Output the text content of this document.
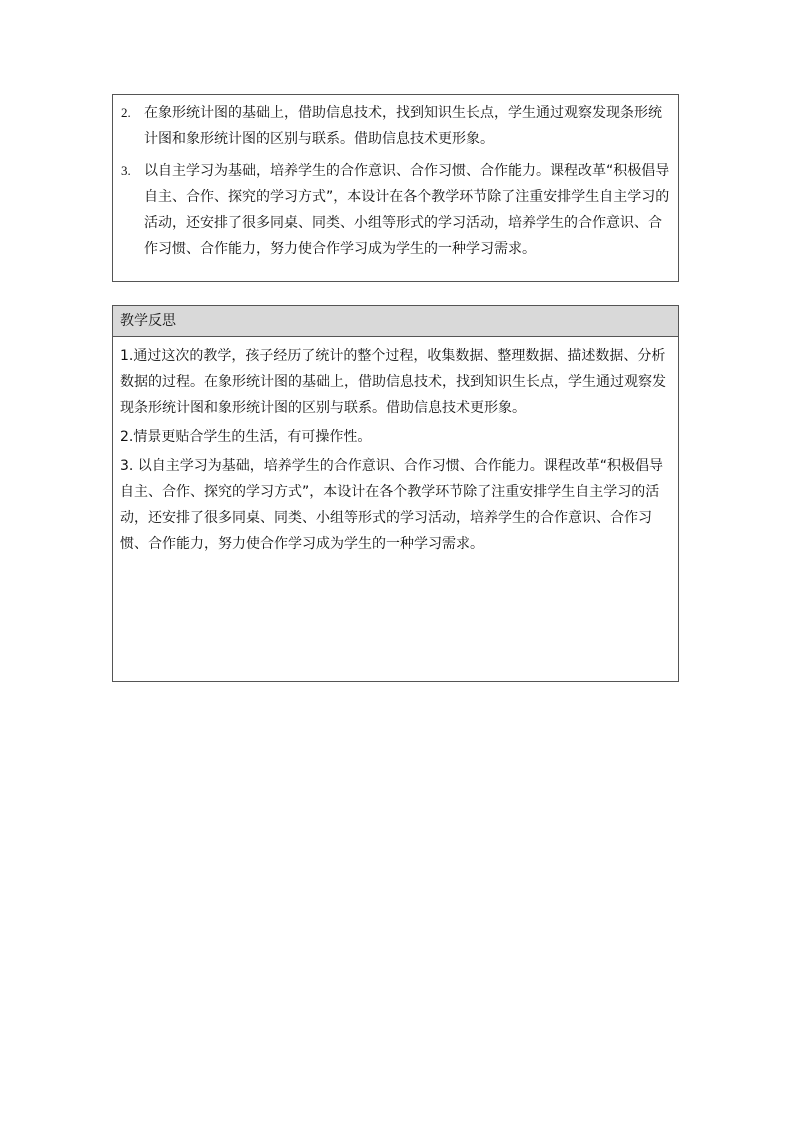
2. 在象形统计图的基础上，借助信息技术，找到知识生长点，学生通过观察发现条形统计图和象形统计图的区别与联系。借助信息技术更形象。
3. 以自主学习为基础，培养学生的合作意识、合作习惯、合作能力。课程改革“积极倡导自主、合作、探究的学习方式”，本设计在各个教学环节除了注重安排学生自主学习的活动，还安排了很多同桌、同类、小组等形式的学习活动，培养学生的合作意识、合作习惯、合作能力，努力使合作学习成为学生的一种学习需求。
教学反思

1.通过这次的教学，孩子经历了统计的整个过程，收集数据、整理数据、描述数据、分析数据的过程。在象形统计图的基础上，借助信息技术，找到知识生长点，学生通过观察发现条形统计图和象形统计图的区别与联系。借助信息技术更形象。

2.情景更贴合学生的生活，有可操作性。

3. 以自主学习为基础，培养学生的合作意识、合作习惯、合作能力。课程改革“积极倡导自主、合作、探究的学习方式”，本设计在各个教学环节除了注重安排学生自主学习的活动，还安排了很多同桌、同类、小组等形式的学习活动，培养学生的合作意识、合作习惯、合作能力，努力使合作学习成为学生的一种学习需求。
